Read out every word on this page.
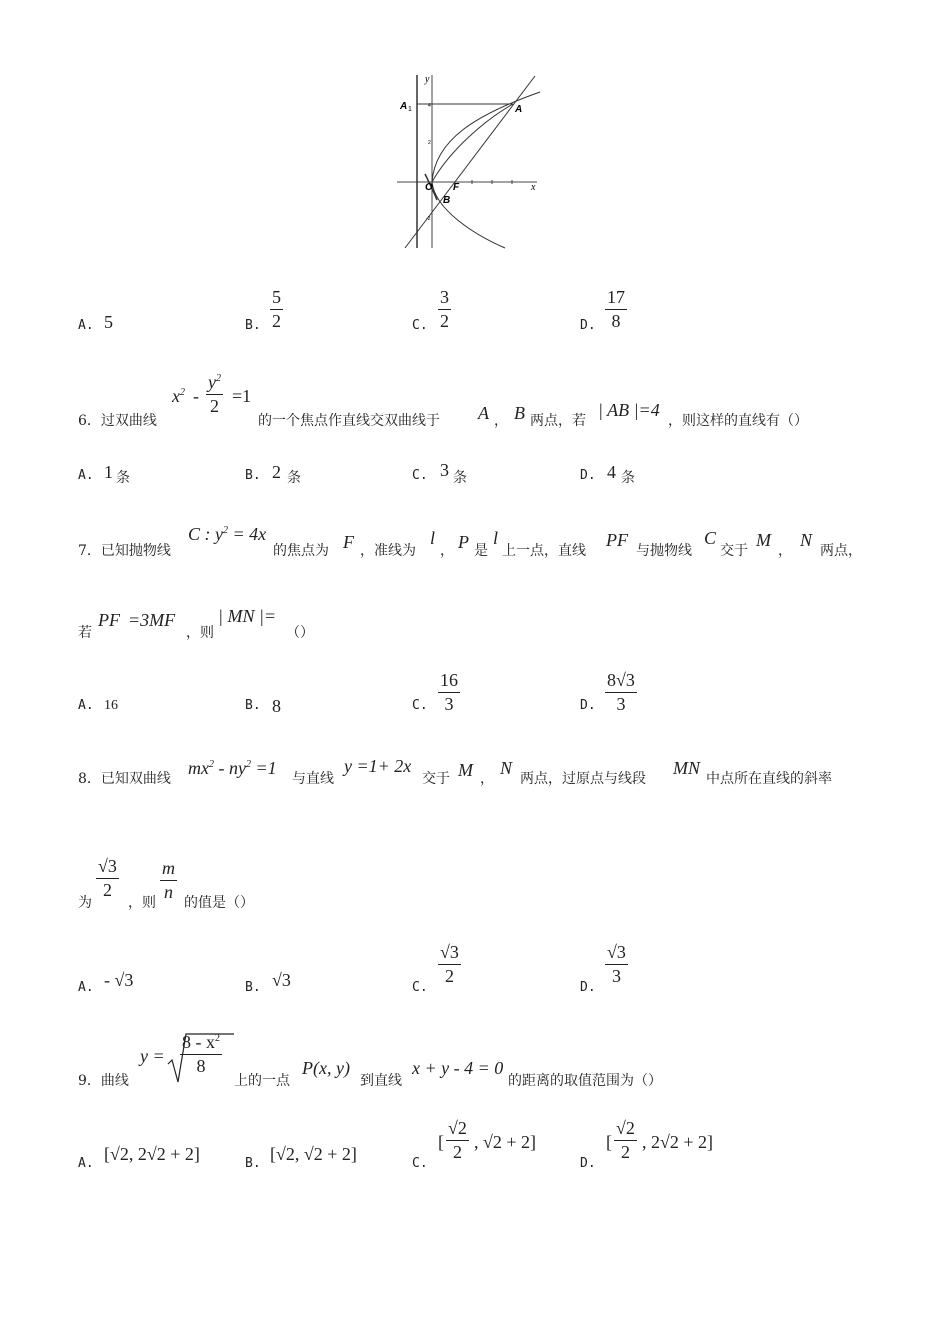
y
x
A 1	A
O F
B
4
2
-2
A. 5	B.
5
2	C.
3
2	D.
17
8
6．过双曲线
$x^2$ -
$y^2$
2 =1
的一个焦点作直线交双曲线于 A ， B 两点，若
| AB |=4
，则这样的直线有（）
A. 1 条	B. 2 条	C. 3 条	D. 4 条
7．已知抛物线
C : $y^2 = 4x$
的焦点为 F ，准线为
l
， P 是
l
上一点，直线
PF
与抛物线
C
交于
M
，
N
两点，
若
PF =3MF
，则
| MN |=
（）
A. 16	B. 8	C.
16
3	D.
8√3
3
8．已知双曲线
$mx^2 - ny^2 =1$
与直线
y =1+ 2x
交于 M ，
N
两点，过原点与线段
MN
中点所在直线的斜率
为
√3
2
，则
m
n
的值是（）
A. - √3	B. √3	C.
√3
2
D.
√3
3
9．曲线
y =
$8 - x^2$
8
上的一点
P(x, y)
到直线
x + y - 4 = 0
的距离的取值范围为（）
A. [√2, 2√2 + 2]	B. [√2, √2 + 2]	C.
[
√2
2 , √2 + 2]
D.
[
√2
2 , 2√2 + 2]
